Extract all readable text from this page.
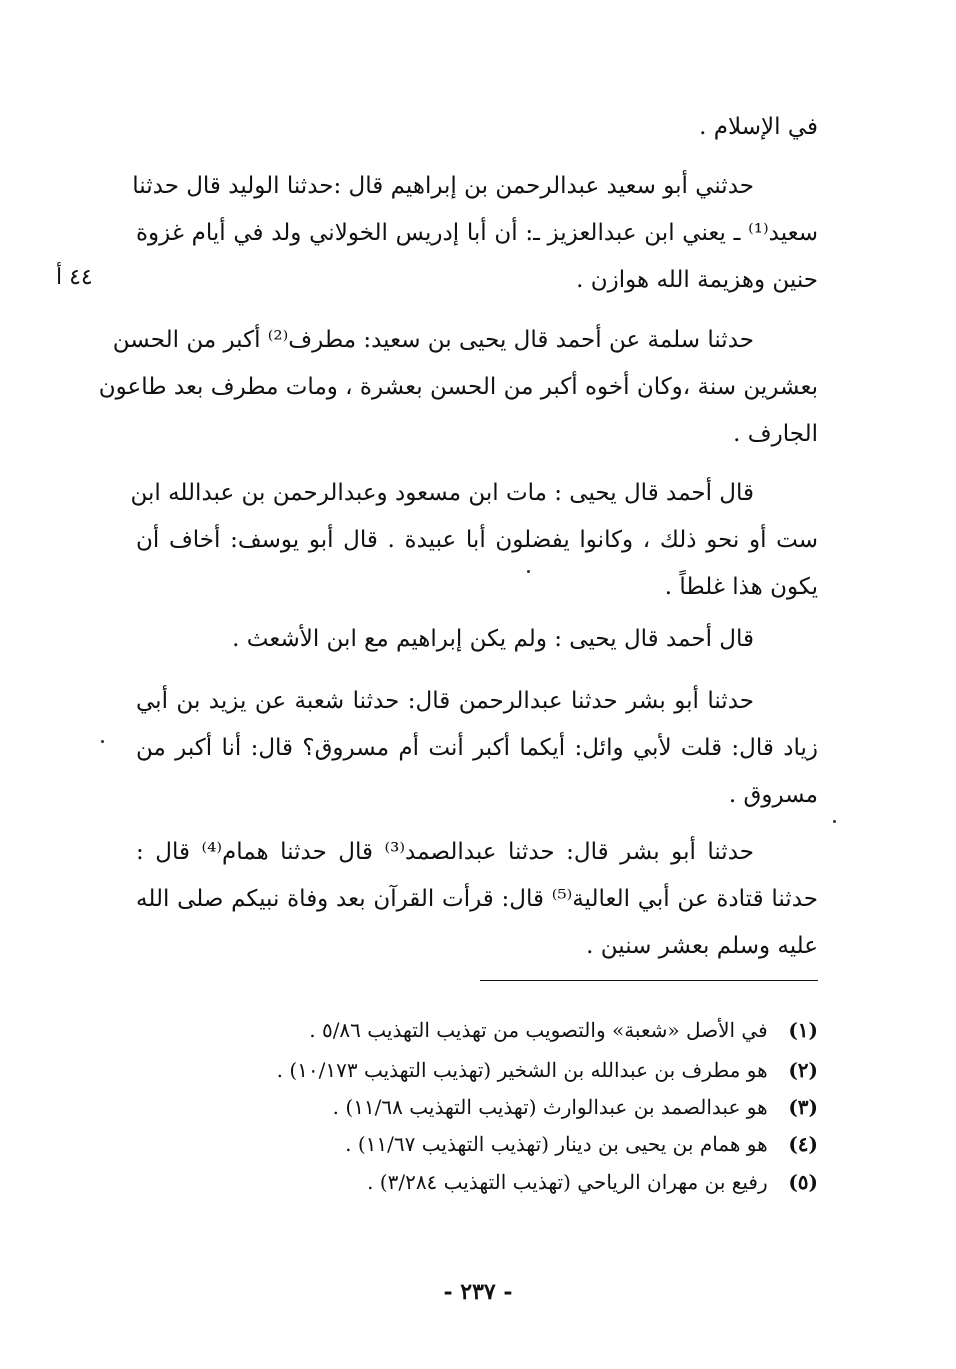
في الإسلام .
حدثني أبو سعيد عبدالرحمن بن إبراهيم قال :حدثنا الوليد قال حدثنا
سعيد⁽¹⁾ ـ يعني ابن عبدالعزيز ـ: أن أبا إدريس الخولاني ولد في أيام غزوة
حنين وهزيمة الله هوازن .
٤٤ أ
حدثنا سلمة عن أحمد قال يحيى بن سعيد: مطرف⁽²⁾ أكبر من الحسن
بعشرين سنة ،وكان أخوه أكبر من الحسن بعشرة ، ومات مطرف بعد طاعون
الجارف .
قال أحمد قال يحيى : مات ابن مسعود وعبدالرحمن بن عبدالله ابن
ست أو نحو ذلك ، وكانوا يفضلون أبا عبيدة . قال أبو يوسف: أخاف أن
يكون هذا غلطاً .
قال أحمد قال يحيى : ولم يكن إبراهيم مع ابن الأشعث .
حدثنا أبو بشر حدثنا عبدالرحمن قال: حدثنا شعبة عن يزيد بن أبي
زياد قال: قلت لأبي وائل: أيكما أكبر أنت أم مسروق؟ قال: أنا أكبر من
مسروق .
حدثنا أبو بشر قال: حدثنا عبدالصمد⁽³⁾ قال حدثنا همام⁽⁴⁾ قال :
حدثنا قتادة عن أبي العالية⁽⁵⁾ قال: قرأت القرآن بعد وفاة نبيكم صلى الله
عليه وسلم بعشر سنين .
(١) في الأصل «شعبة» والتصويب من تهذيب التهذيب ٥/٨٦ .
(٢) هو مطرف بن عبدالله بن الشخير (تهذيب التهذيب ١٠/١٧٣) .
(٣) هو عبدالصمد بن عبدالوارث (تهذيب التهذيب ١١/٦٨) .
(٤) هو همام بن يحيى بن دينار (تهذيب التهذيب ١١/٦٧) .
(٥) رفيع بن مهران الرياحي (تهذيب التهذيب ٣/٢٨٤) .
- ٢٣٧ -
